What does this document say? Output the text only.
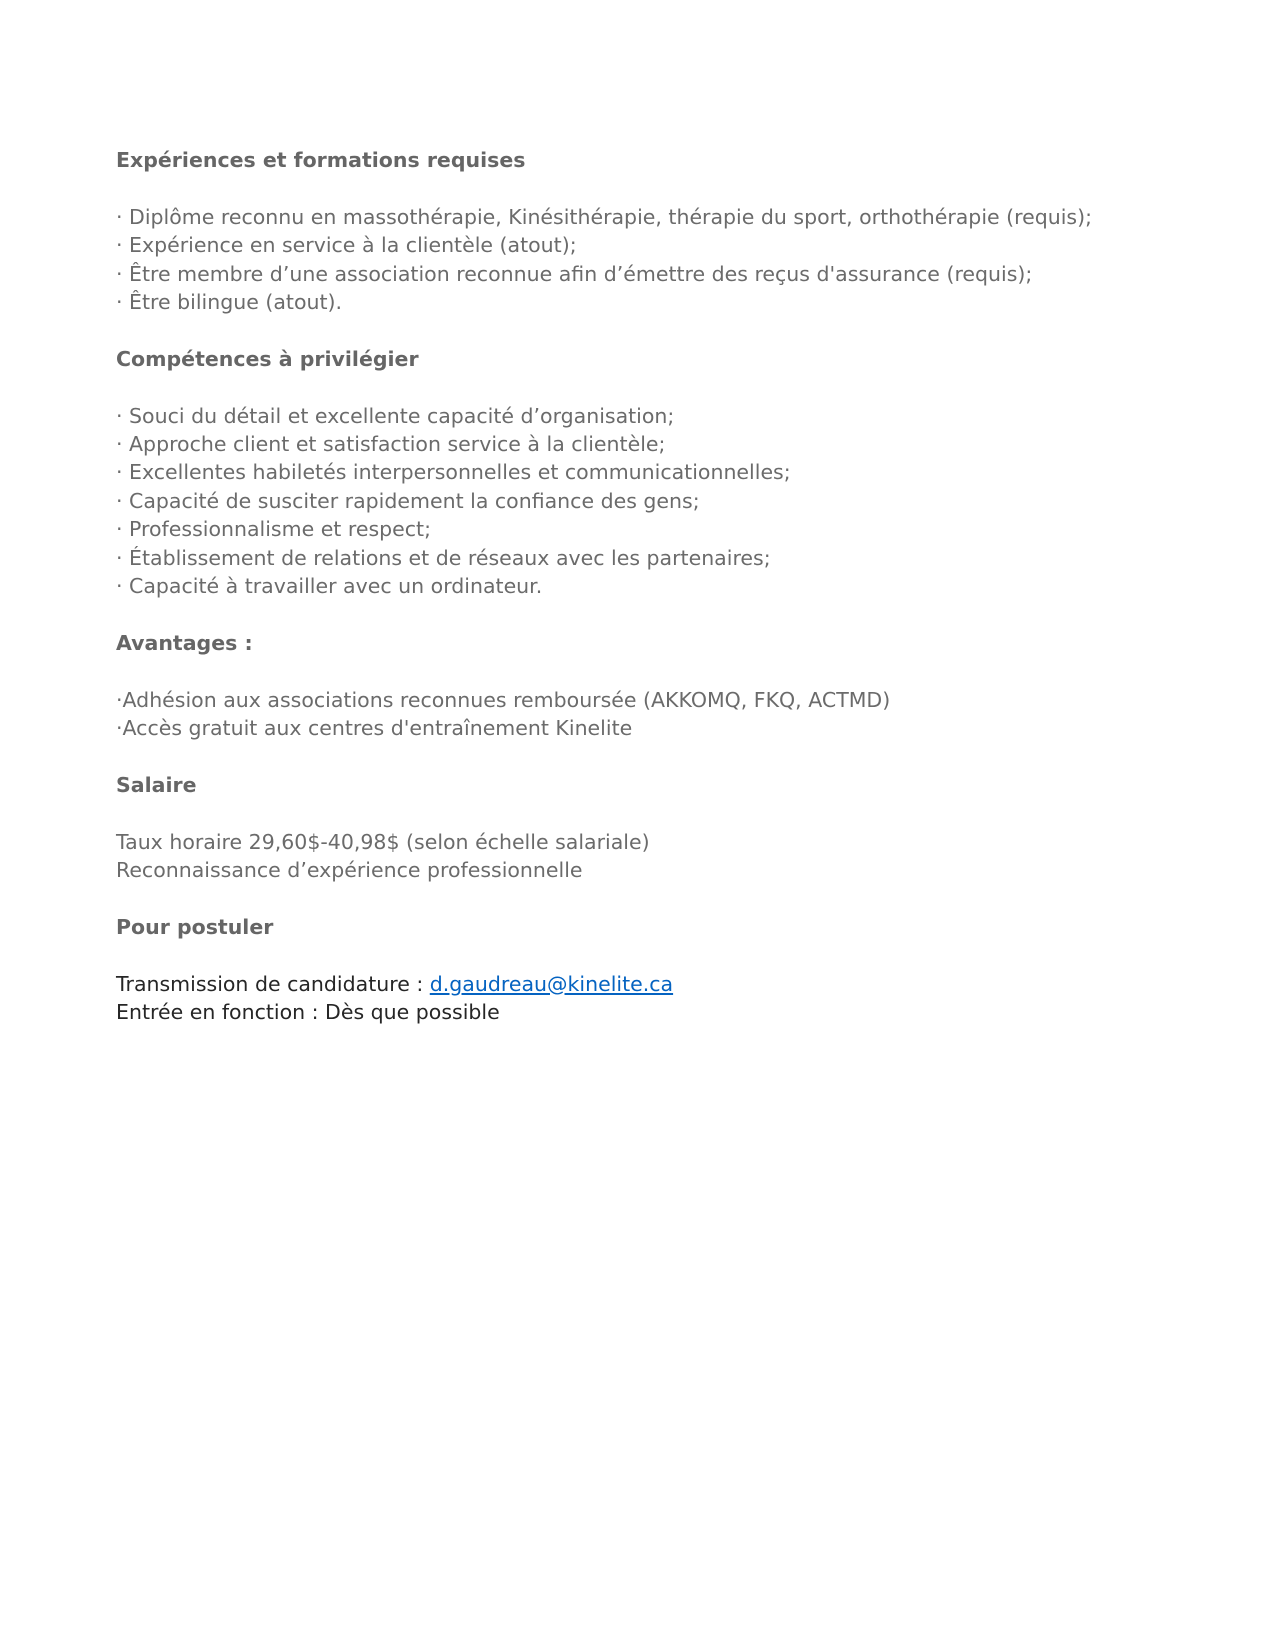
Expériences et formations requises

· Diplôme reconnu en massothérapie, Kinésithérapie, thérapie du sport, orthothérapie (requis);

· Expérience en service à la clientèle (atout);

· Être membre d’une association reconnue afin d’émettre des reçus d'assurance (requis);

· Être bilingue (atout).

Compétences à privilégier

· Souci du détail et excellente capacité d’organisation;

· Approche client et satisfaction service à la clientèle;

· Excellentes habiletés interpersonnelles et communicationnelles;

· Capacité de susciter rapidement la confiance des gens;

· Professionnalisme et respect;

· Établissement de relations et de réseaux avec les partenaires;

· Capacité à travailler avec un ordinateur.

Avantages :

·Adhésion aux associations reconnues remboursée (AKKOMQ, FKQ, ACTMD)

·Accès gratuit aux centres d'entraînement Kinelite

Salaire

Taux horaire 29,60$-40,98$ (selon échelle salariale)

Reconnaissance d’expérience professionnelle

Pour postuler

Transmission de candidature : d.gaudreau@kinelite.ca

Entrée en fonction : Dès que possible
